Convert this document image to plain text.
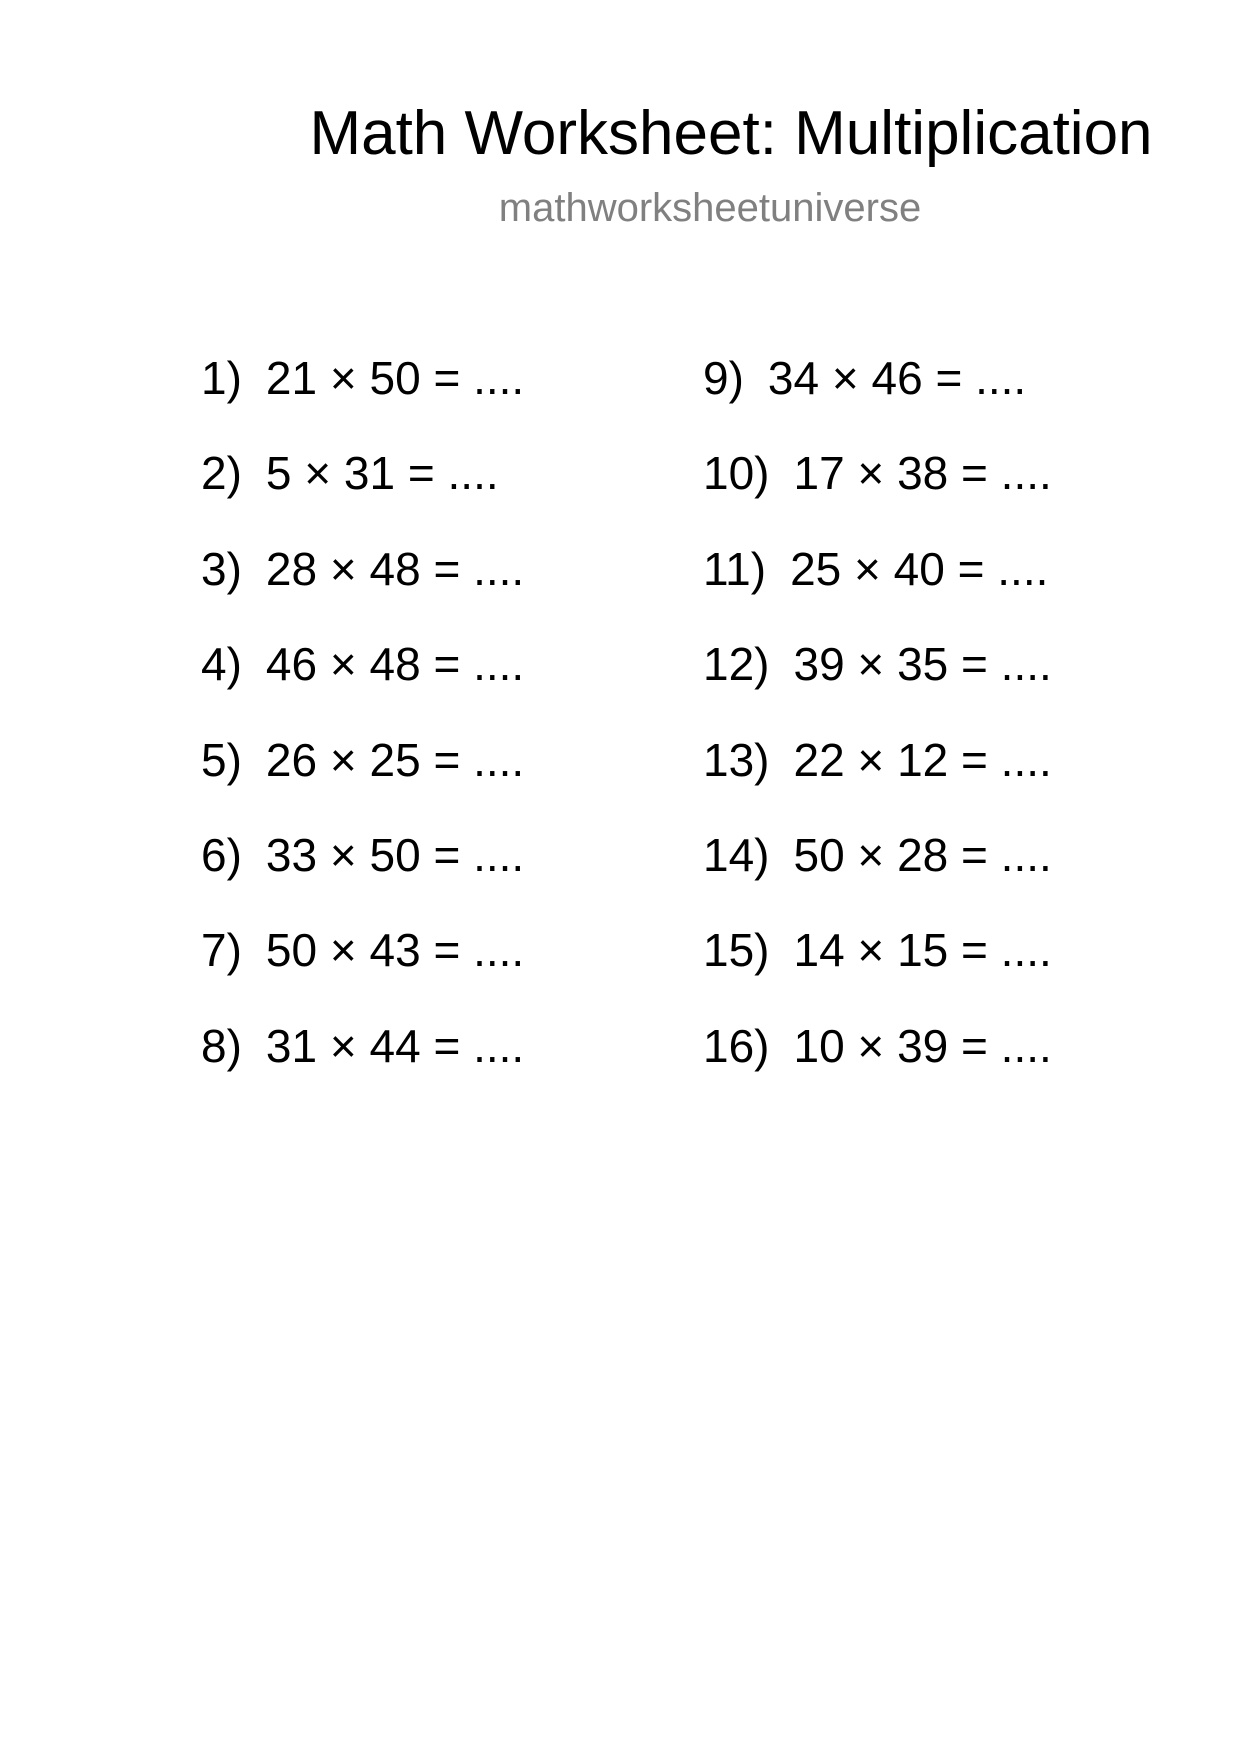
Math Worksheet: Multiplication
mathworksheetuniverse
1) 21 × 50 = ....
2) 5 × 31 = ....
3) 28 × 48 = ....
4) 46 × 48 = ....
5) 26 × 25 = ....
6) 33 × 50 = ....
7) 50 × 43 = ....
8) 31 × 44 = ....
9) 34 × 46 = ....
10) 17 × 38 = ....
11) 25 × 40 = ....
12) 39 × 35 = ....
13) 22 × 12 = ....
14) 50 × 28 = ....
15) 14 × 15 = ....
16) 10 × 39 = ....
